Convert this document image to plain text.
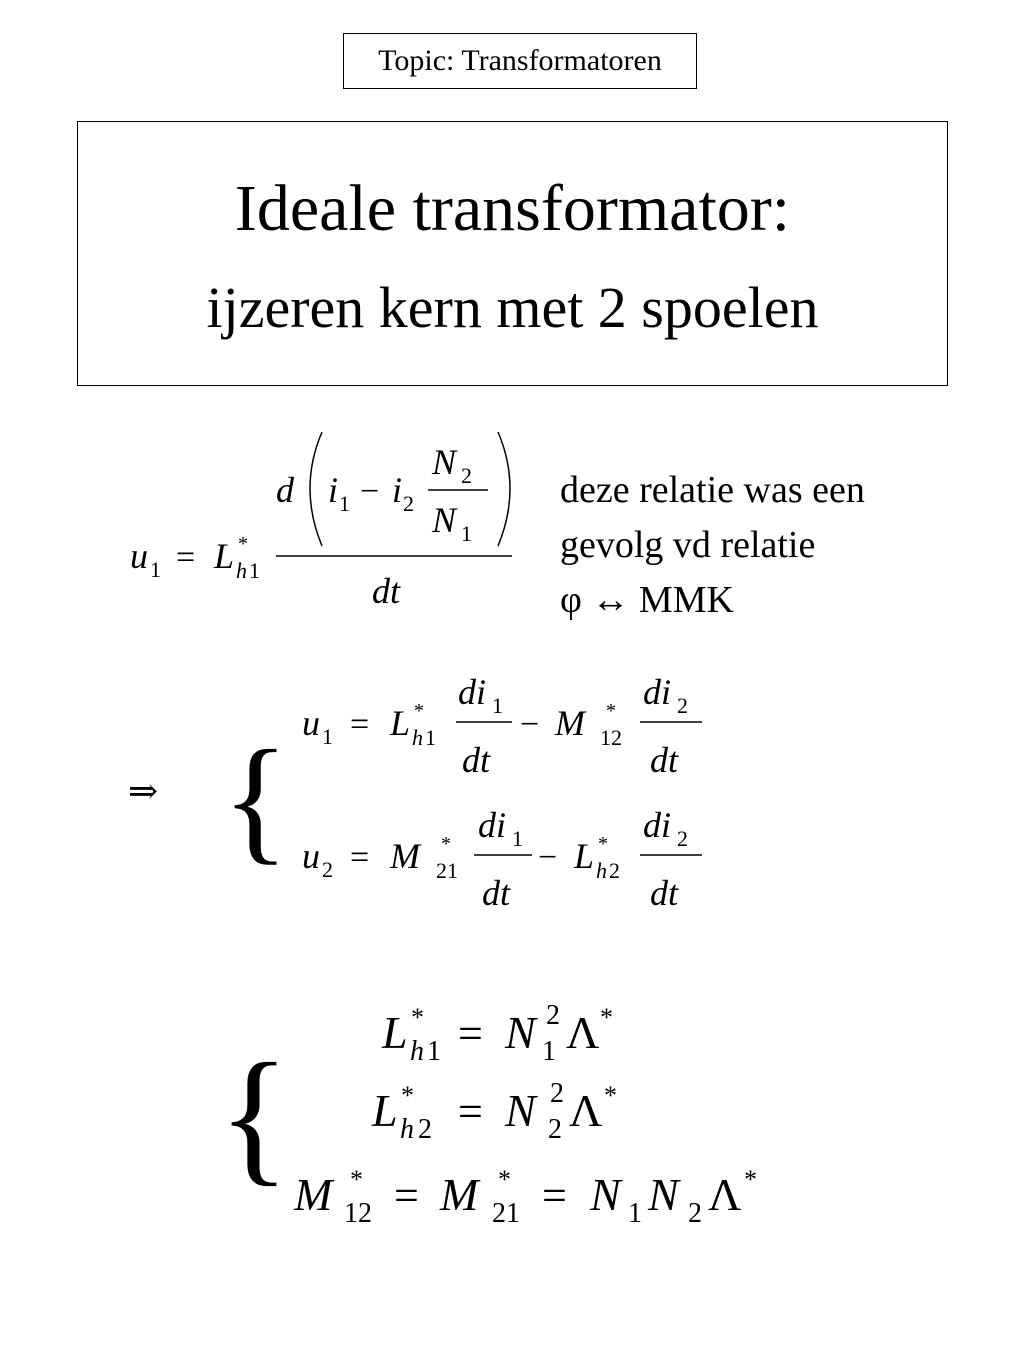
Topic: Transformatoren
Ideale transformator:
ijzeren kern met 2 spoelen
deze relatie was een
gevolg vd relatie
φ ↔ MMK
u 1 = L *
h 1
d i 1 − i 2
N 2
N 1
dt
⇒ { u 1 = L *
h 1
di 1
dt
− M *
12
di 2
dt
u 2 = M *
21
di 1
dt
− L *
h 2
di 2
dt
{
L *
h 1 = N 2
1 Λ *
L *
h 2 = N 2
2 Λ *
M *
12 = M *
21 = N 1 N 2 Λ *
